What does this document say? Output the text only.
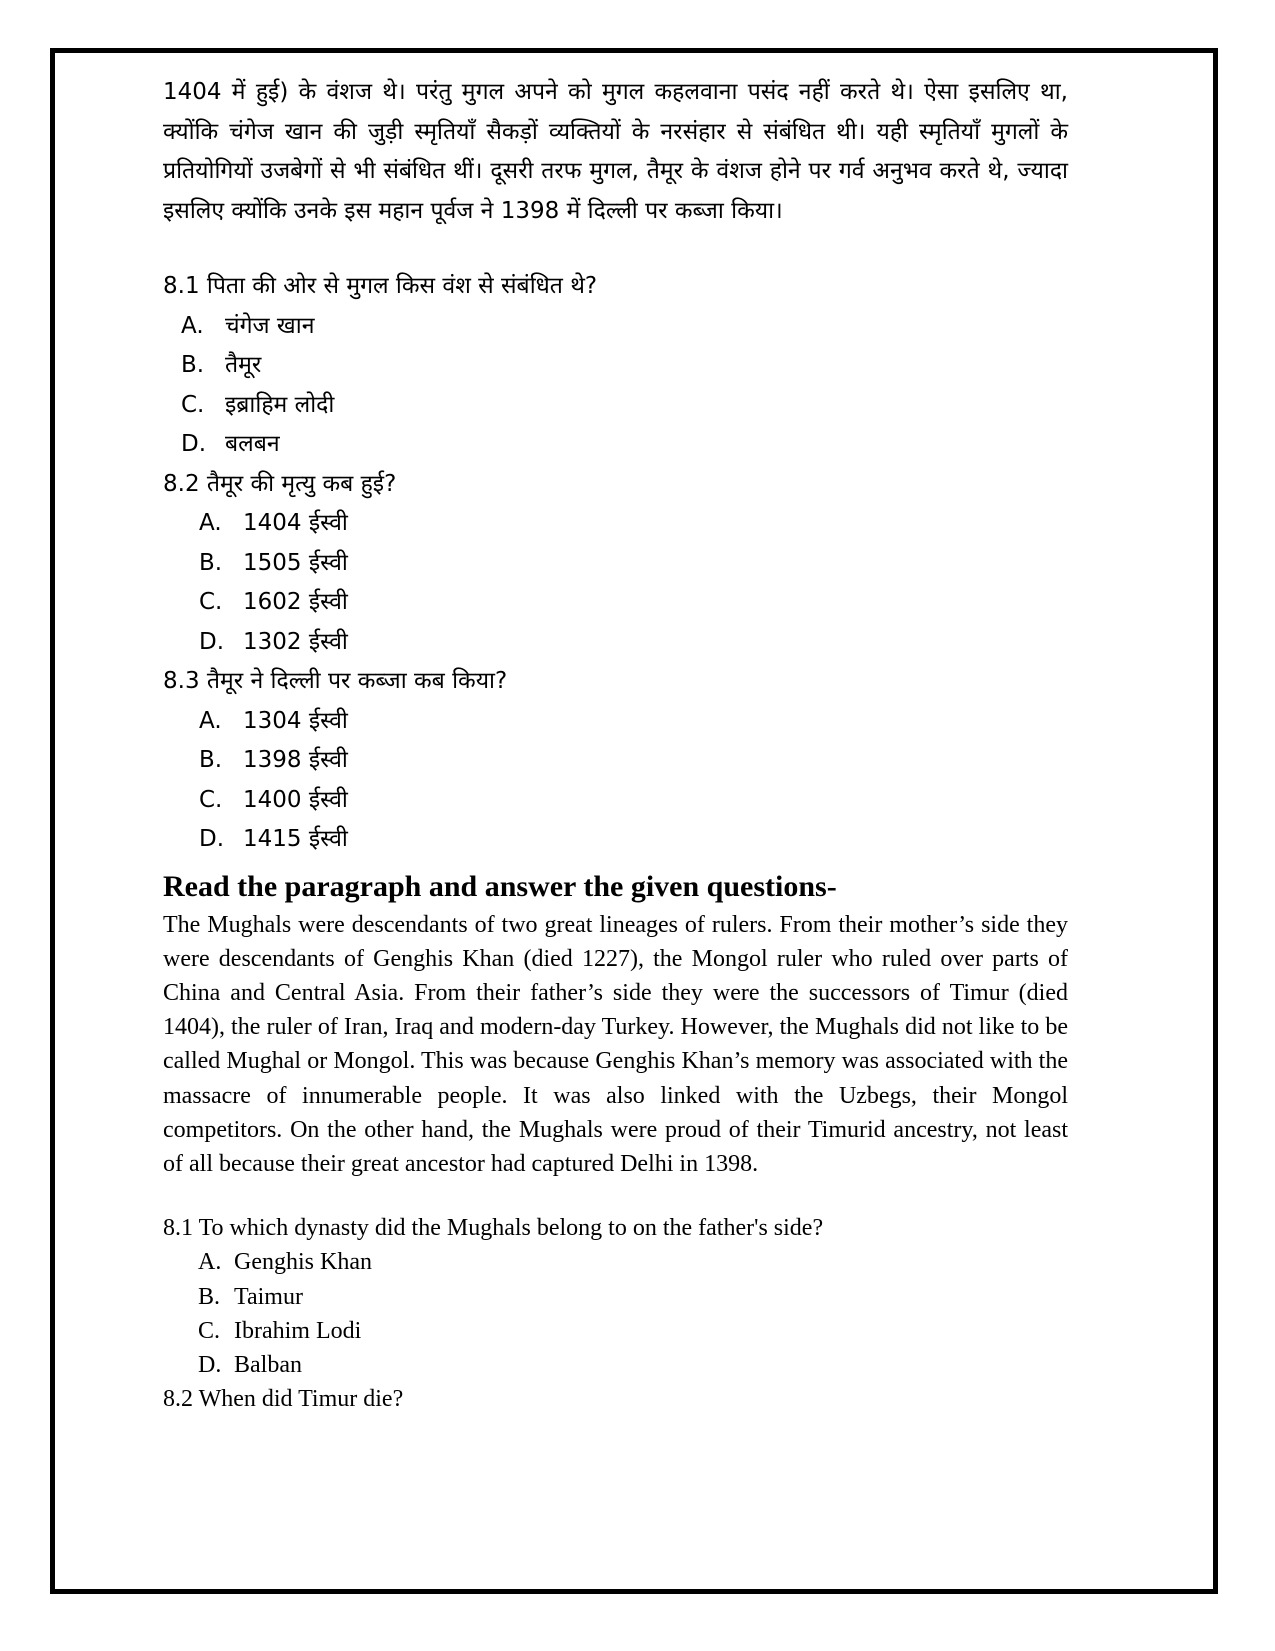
1404 में हुई) के वंशज थे। परंतु मुगल अपने को मुगल कहलवाना पसंद नहीं करते थे। ऐसा इसलिए था, क्योंकि चंगेज खान की जुड़ी स्मृतियाँ सैकड़ों व्यक्तियों के नरसंहार से संबंधित थी। यही स्मृतियाँ मुगलों के प्रतियोगियों उजबेगों से भी संबंधित थीं। दूसरी तरफ मुगल, तैमूर के वंशज होने पर गर्व अनुभव करते थे, ज्यादा इसलिए क्योंकि उनके इस महान पूर्वज ने 1398 में दिल्ली पर कब्जा किया।

8.1 पिता की ओर से मुगल किस वंश से संबंधित थे?

A. चंगेज खान
B. तैमूर
C. इब्राहिम लोदी
D. बलबन

8.2 तैमूर की मृत्यु कब हुई?

A. 1404 ईस्वी
B. 1505 ईस्वी
C. 1602 ईस्वी
D. 1302 ईस्वी

8.3 तैमूर ने दिल्ली पर कब्जा कब किया?

A. 1304 ईस्वी
B. 1398 ईस्वी
C. 1400 ईस्वी
D. 1415 ईस्वी
Read the paragraph and answer the given questions-

The Mughals were descendants of two great lineages of rulers. From their mother’s side they were descendants of Genghis Khan (died 1227), the Mongol ruler who ruled over parts of China and Central Asia. From their father’s side they were the successors of Timur (died 1404), the ruler of Iran, Iraq and modern-day Turkey. However, the Mughals did not like to be called Mughal or Mongol. This was because Genghis Khan’s memory was associated with the massacre of innumerable people. It was also linked with the Uzbegs, their Mongol competitors. On the other hand, the Mughals were proud of their Timurid ancestry, not least of all because their great ancestor had captured Delhi in 1398.

8.1 To which dynasty did the Mughals belong to on the father's side?

A. Genghis Khan
B. Taimur
C. Ibrahim Lodi
D. Balban

8.2 When did Timur die?
